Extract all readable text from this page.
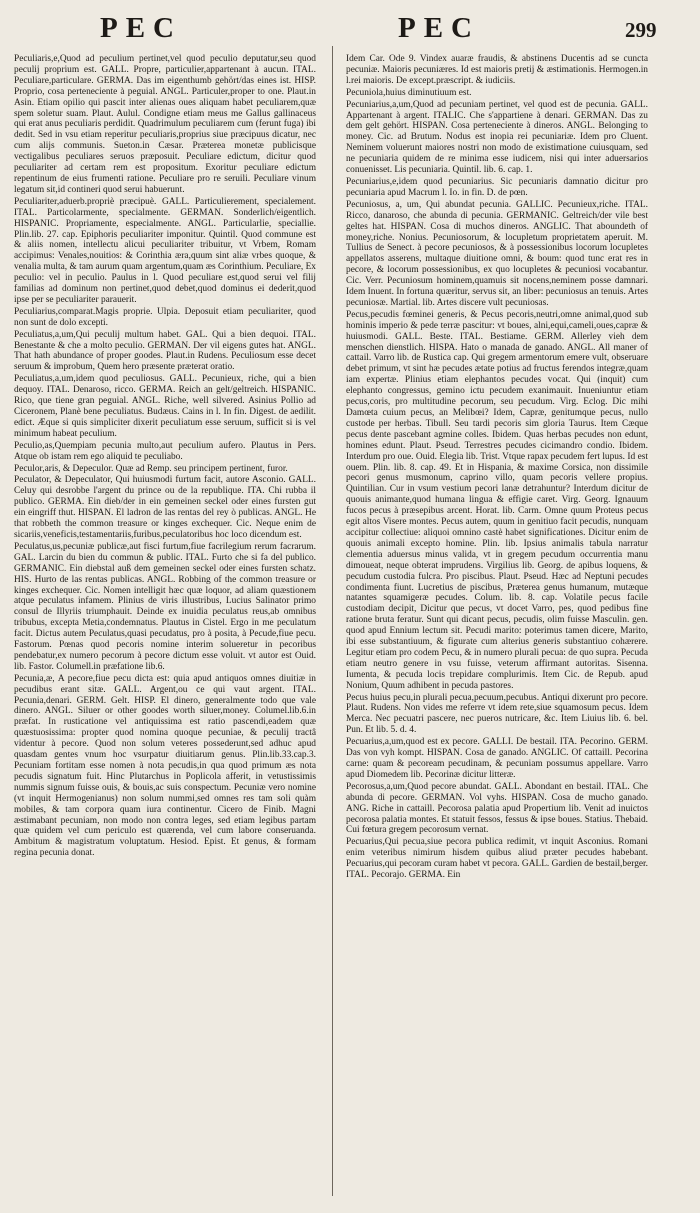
PEC	PEC	299

Peculiaris,e,Quod ad peculium pertinet,vel quod peculio deputatur,seu quod peculij proprium est. GALL. Propre, particulier,appartenant à aucun. ITAL. Peculiare,particulare. GERMA. Das im eigenthumb gehört/das eines ist. HISP. Proprio, cosa perteneciente à peguial. ANGL. Particuler,proper to one. Plaut.in Asin. Etiam opilio qui pascit inter alienas oues aliquam habet peculiarem,quæ spem soletur suam. Plaut. Aulul. Condigne etiam meus me Gallus gallinaceus qui erat anus peculiaris perdidit. Quadrimulum peculiarem cum (ferunt fuga) ibi dedit. Sed in vsu etiam reperitur peculiaris,proprius siue præcipuus dicatur, nec cum alijs communis. Sueton.in Cæsar. Præterea monetæ publicisque vectigalibus peculiares seruos præposuit. Peculiare edictum, dicitur quod peculiariter ad certam rem est propositum. Exoritur peculiare edictum repentinum de eius frumenti ratione. Peculiare pro re seruili. Peculiare vinum legatum sit,id contineri quod serui habuerunt.

Peculiariter,aduerb.propriè præcipuè. GALL. Particulierement, specialement. ITAL. Particolarmente, specialmente. GERMAN. Sonderlich/eigentlich. HISPANIC. Propriamente, especialmente. ANGL. Particularlie, speciallie. Plin.lib. 27. cap. Epiphoris peculiariter imponitur. Quintil. Quod commune est & aliis nomen, intellectu alicui peculiariter tribuitur, vt Vrbem, Romam accipimus: Venales,nouitios: & Corinthia æra,quum sint aliæ vrbes quoque, & venalia multa, & tam aurum quam argentum,quam æs Corinthium. Peculiare, Ex peculio: vel in peculio. Paulus in l. Quod peculiare est,quod serui vel filij familias ad dominum non pertinet,quod debet,quod dominus ei dederit,quod ipse per se peculiariter parauerit.

Peculiarius,comparat.Magis proprie. Ulpia. Deposuit etiam peculiariter, quod non sunt de dolo excepti.

Peculiatus,a,um,Qui peculij multum habet. GAL. Qui a bien dequoi. ITAL. Benestante & che a molto peculio. GERMAN. Der vil eigens gutes hat. ANGL. That hath abundance of proper goodes. Plaut.in Rudens. Peculiosum esse decet seruum & improbum, Quem hero præsente præterat oratio.

Peculiatus,a,um,idem quod peculiosus. GALL. Pecunieux, riche, qui a bien dequoy. ITAL. Denaroso, ricco. GERMA. Reich an gelt/geltreich. HISPANIC. Rico, que tiene gran peguial. ANGL. Riche, well silvered. Asinius Pollio ad Ciceronem, Planè bene peculiatus. Budæus. Cains in l. In fin. Digest. de aedilit. edict. Æque si quis simpliciter dixerit peculiatum esse seruum, sufficit si is vel minimum habeat peculium.

Peculio,as,Quempiam pecunia multo,aut peculium aufero. Plautus in Pers. Atque ob istam rem ego aliquid te peculiabo.

Peculor,aris, & Depeculor. Quæ ad Remp. seu principem pertinent, furor.

Peculator, & Depeculator, Qui huiusmodi furtum facit, autore Asconio. GALL. Celuy qui desrobbe l'argent du prince ou de la republique. ITA. Chi rubba il publico. GERMA. Ein dieb/der in ein gemeinen seckel oder eines fursten gut ein eingriff thut. HISPAN. El ladron de las rentas del rey ò publicas. ANGL. He that robbeth the common treasure or kinges exchequer. Cic. Neque enim de sicariis,veneficis,testamentariis,furibus,peculatoribus hoc loco dicendum est.

Peculatus,us,pecuniæ publicæ,aut fisci furtum,fiue facrilegium rerum facrarum. GAL. Larcin du bien du commun & public. ITAL. Furto che si fa del publico. GERMANIC. Ein diebstal auß dem gemeinen seckel oder eines fursten schatz. HIS. Hurto de las rentas publicas. ANGL. Robbing of the common treasure or kinges exchequer. Cic. Nomen intelligit hæc quæ loquor, ad aliam quæstionem atque peculatus infamem. Plinius de viris illustribus, Lucius Salinator primo consul de Illyriis triumphauit. Deinde ex inuidia peculatus reus,ab omnibus tribubus, excepta Metia,condemnatus. Plautus in Cistel. Ergo in me peculatum facit. Dictus autem Peculatus,quasi pecudatus, pro à posita, à Pecude,fiue pecu. Fastorum. Pœnas quod pecoris nomine interim solueretur in pecoribus pendebatur,ex numero pecorum à pecore dictum esse voluit. vt autor est Ouid. lib. Fastor. Columell.in præfatione lib.6.

Pecunia,æ, A pecore,fiue pecu dicta est: quia apud antiquos omnes diuitiæ in pecudibus erant sitæ. GALL. Argent,ou ce qui vaut argent. ITAL. Pecunia,denari. GERM. Gelt. HISP. El dinero, generalmente todo que vale dinero. ANGL. Siluer or other goodes worth siluer,money. Columel.lib.6.in præfat. In rusticatione vel antiquissima est ratio pascendi,eadem quæ quæstuosissima: propter quod nomina quoque pecuniae, & peculij tractâ videntur à pecore. Quod non solum veteres possederunt,sed adhuc apud quasdam gentes vnum hoc vsurpatur diuitiarum genus. Plin.lib.33.cap.3. Pecuniam fortitam esse nomen à nota pecudis,in qua quod primum æs nota pecudis signatum fuit. Hinc Plutarchus in Poplicola afferit, in vetustissimis nummis signum fuisse ouis, & bouis,ac suis conspectum. Pecuniæ vero nomine (vt inquit Hermogenianus) non solum nummi,sed omnes res tam soli quàm mobiles, & tam corpora quam iura continentur. Cicero de Finib. Magni æstimabant pecuniam, non modo non contra leges, sed etiam legibus partam quæ quidem vel cum periculo est quærenda, vel cum labore conseruanda. Ambitum & magistratum voluptatum. Hesiod. Epist. Et genus, & formam regina pecunia donat.

Idem Car. Ode 9. Vindex auaræ fraudis, & abstinens Ducentis ad se cuncta pecuniæ. Maioris pecuniæres. Id est maioris pretij & æstimationis. Hermogen.in l.rei maioris. De except.præscript. & iudiciis.

Pecuniola,huius diminutiuum est.

Pecuniarius,a,um,Quod ad pecuniam pertinet, vel quod est de pecunia. GALL. Appartenant à argent. ITALIC. Che s'appartiene à denari. GERMAN. Das zu dem gelt gehört. HISPAN. Cosa perteneciente à dineros. ANGL. Belonging to money. Cic. ad Brutum. Nodus est inopia rei pecuniariæ. Idem pro Cluent. Neminem voluerunt maiores nostri non modo de existimatione cuiusquam, sed ne pecuniaria quidem de re minima esse iudicem, nisi qui inter aduersarios conuenisset. Lis pecuniaria. Quintil. lib. 6. cap. 1.

Pecuniarius,e,idem quod pecuniarius. Sic pecuniaris damnatio dicitur pro pecuniaria apud Macrum l. Io. in fin. D. de pœn.

Pecuniosus, a, um, Qui abundat pecunia. GALLIC. Pecunieux,riche. ITAL. Ricco, danaroso, che abunda di pecunia. GERMANIC. Geltreich/der vile best geltes hat. HISPAN. Cosa di muchos dineros. ANGLIC. That aboundeth of money,riche. Nonius. Pecuniosorum, & locupletum proprietatem aperuit. M. Tullius de Senect. à pecore pecuniosos, & à possessionibus locorum locupletes appellatos asserens, multaque diuitione omni, & boum: quod tunc erat res in pecore, & locorum possessionibus, ex quo locupletes & pecuniosi vocabantur. Cic. Verr. Pecuniosum hominem,quamuis sit nocens,neminem posse damnari. Idem Inuent. In fortuna quæritur, servus sit, an liber: pecuniosus an tenuis. Artes pecuniosæ. Martial. lib. Artes discere vult pecuniosas.

Pecus,pecudis fœminei generis, & Pecus pecoris,neutri,omne animal,quod sub hominis imperio & pede terræ pascitur: vt boues, alni,equi,cameli,oues,capræ & huiusmodi. GALL. Beste. ITAL. Bestiame. GERM. Allerley vieh dem menschen dienstlich. HISPA. Hato o manada de ganado. ANGL. All maner of cattail. Varro lib. de Rustica cap. Qui gregem armentorum emere vult, obseruare debet primum, vt sint hæ pecudes ætate potius ad fructus ferendos integræ,quam iam expertæ. Plinius etiam elephantos pecudes vocat. Qui (inquit) cum elephanto congressus, gemino ictu pecudem exanimauit. Inueniuntur etiam pecus,coris, pro multitudine pecorum, seu pecudum. Virg. Eclog. Dic mihi Damœta cuium pecus, an Melibœi? Idem, Capræ, genitumque pecus, nullo custode per herbas. Tibull. Seu tardi pecoris sim gloria Taurus. Item Cæque pecus dente pascebant agmine colles. Ibidem. Quas herbas pecudes non edunt, homines edunt. Plaut. Pseud. Terrestres pecudes cicimandro condio. Ibidem. Interdum pro oue. Ouid. Elegia lib. Trist. Vtque rapax pecudem fert lupus. Id est ouem. Plin. lib. 8. cap. 49. Et in Hispania, & maxime Corsica, non dissimile pecori genus musmonum, caprino villo, quam pecoris vellere propius. Quintilian. Cur in vsum vestium pecori lanæ detrahuntur? Interdum dicitur de quouis animante,quod humana lingua & effigie caret. Virg. Georg. Ignauum fucos pecus à præsepibus arcent. Horat. lib. Carm. Omne quum Proteus pecus egit altos Visere montes. Pecus autem, quum in genitiuo facit pecudis, nunquam accipitur collectiue: aliquoi omnino castè habet significationes. Dicitur enim de quouis animali excepto homine. Plin. lib. Ipsius animalis tabula narratur clementia aduersus minus valida, vt in gregem pecudum occurrentia manu dimoueat, neque obterat imprudens. Virgilius lib. Georg. de apibus loquens, & pecudum custodia fulcra. Pro piscibus. Plaut. Pseud. Hæc ad Neptuni pecudes condimenta fiunt. Lucretius de piscibus, Præterea genus humanum, mutæque natantes squamigeræ pecudes. Colum. lib. 8. cap. Volatile pecus facile custodiam decipit, Dicitur que pecus, vt docet Varro, pes, quod pedibus fine ratione bruta feratur. Sunt qui dicant pecus, pecudis, olim fuisse Masculin. gen. quod apud Ennium lectum sit. Pecudi marito: poterimus tamen dicere, Marito, ibi esse substantiuum, & figurate cum alterius generis substantiuo cohærere. Legitur etiam pro codem Pecu, & in numero plurali pecua: de quo supra. Pecuda etiam neutro genere in vsu fuisse, veterum affirmant autoritas. Sisenna. Iumenta, & pecuda locis trepidare complurimis. Item Cic. de Repub. apud Nonium, Quum adhibent in pecuda pastores.

Pecus huius pecu,in plurali pecua,pecuum,pecubus. Antiqui dixerunt pro pecore. Plaut. Rudens. Non vides me referre vt idem rete,siue squamosum pecus. Idem Merca. Nec pecuatri pascere, nec pueros nutricare, &c. Item Liuius lib. 6. bel. Pun. Et lib. 5. d. 4.

Pecuarius,a,um,quod est ex pecore. GALLI. De bestail. ITA. Pecorino. GERM. Das von vyh kompt. HISPAN. Cosa de ganado. ANGLIC. Of cattaill. Pecorina carne: quam & pecoream pecudinam, & pecuniam possumus appellare. Varro apud Diomedem lib. Pecorinæ dicitur litteræ.

Pecorosus,a,um,Quod pecore abundat. GALL. Abondant en bestail. ITAL. Che abunda di pecore. GERMAN. Vol vyhs. HISPAN. Cosa de mucho ganado. ANG. Riche in cattaill. Pecorosa palatia apud Propertium lib. Venit ad inuictos pecorosa palatia montes. Et statuit fessos, fessus & ipse boues. Statius. Thebaid. Cui fœtura gregem pecorosum vernat.

Pecuarius,Qui pecua,siue pecora publica redimit, vt inquit Asconius. Romani enim veteribus nimirum hisdem quibus aliud præter pecudes habebant. Pecuarius,qui pecoram curam habet vt pecora. GALL. Gardien de bestail,berger. ITAL. Pecorajo. GERMA. Ein
